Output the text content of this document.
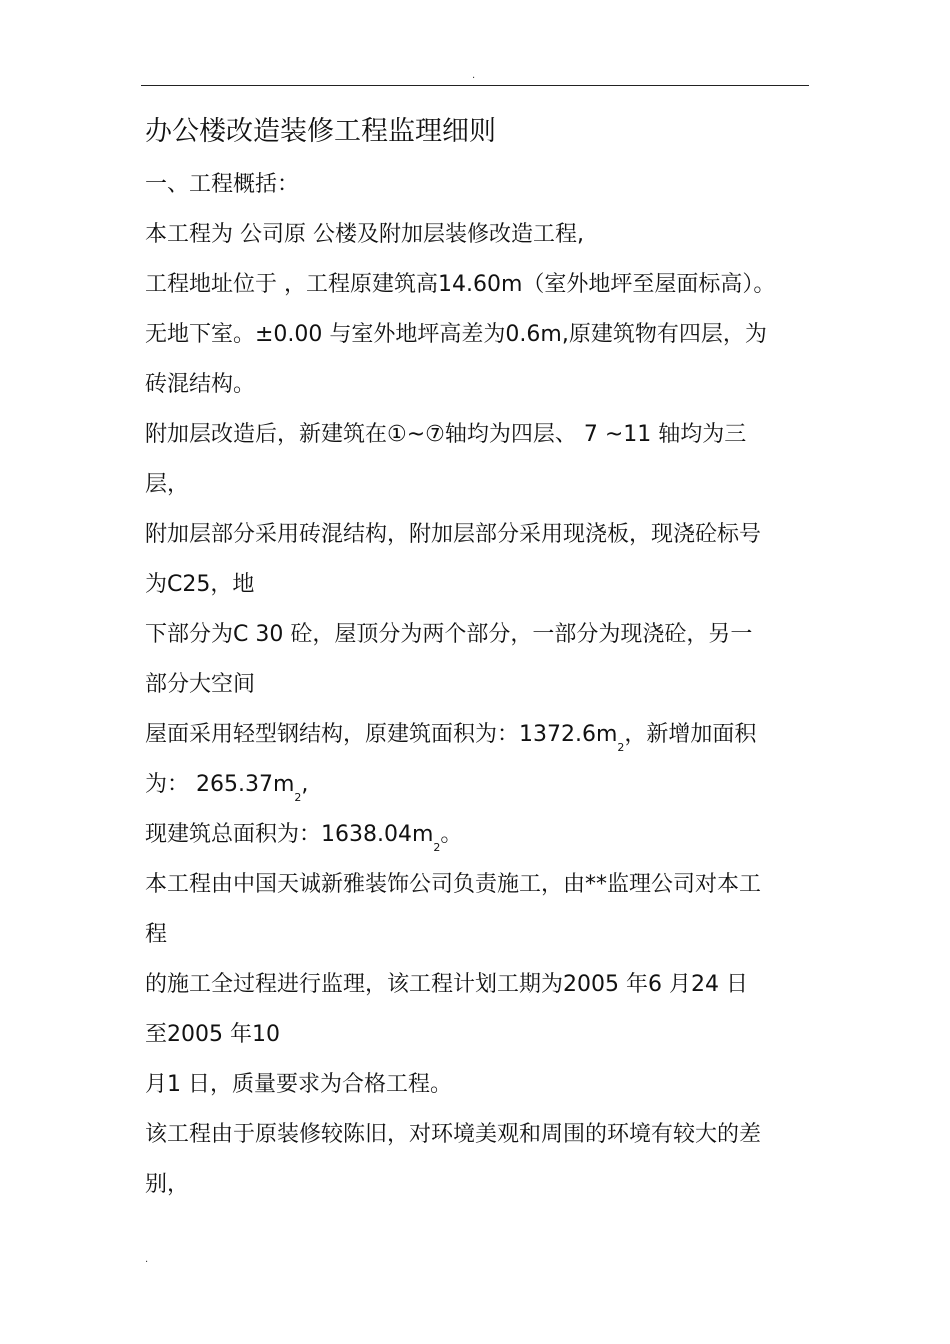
.
办公楼改造装修工程监理细则
一、工程概括：
本工程为 公司原 公楼及附加层装修改造工程,
工程地址位于 ，工程原建筑高14.60m（室外地坪至屋面标高）。
无地下室。±0.00 与室外地坪高差为0.6m,原建筑物有四层，为
砖混结构。
附加层改造后，新建筑在①~⑦轴均为四层、 7 ~11 轴均为三
层，
附加层部分采用砖混结构，附加层部分采用现浇板，现浇砼标号
为C25，地
下部分为C 30 砼，屋顶分为两个部分，一部分为现浇砼，另一
部分大空间
屋面采用轻型钢结构，原建筑面积为：$1372.6m_2$，新增加面积
为： $265.37m_2$,
现建筑总面积为：$1638.04m_2$。
本工程由中国天诚新雅装饰公司负责施工，由**监理公司对本工
程
的施工全过程进行监理，该工程计划工期为2005 年6 月24 日
至2005 年10
月1 日，质量要求为合格工程。
该工程由于原装修较陈旧，对环境美观和周围的环境有较大的差
别，
.
